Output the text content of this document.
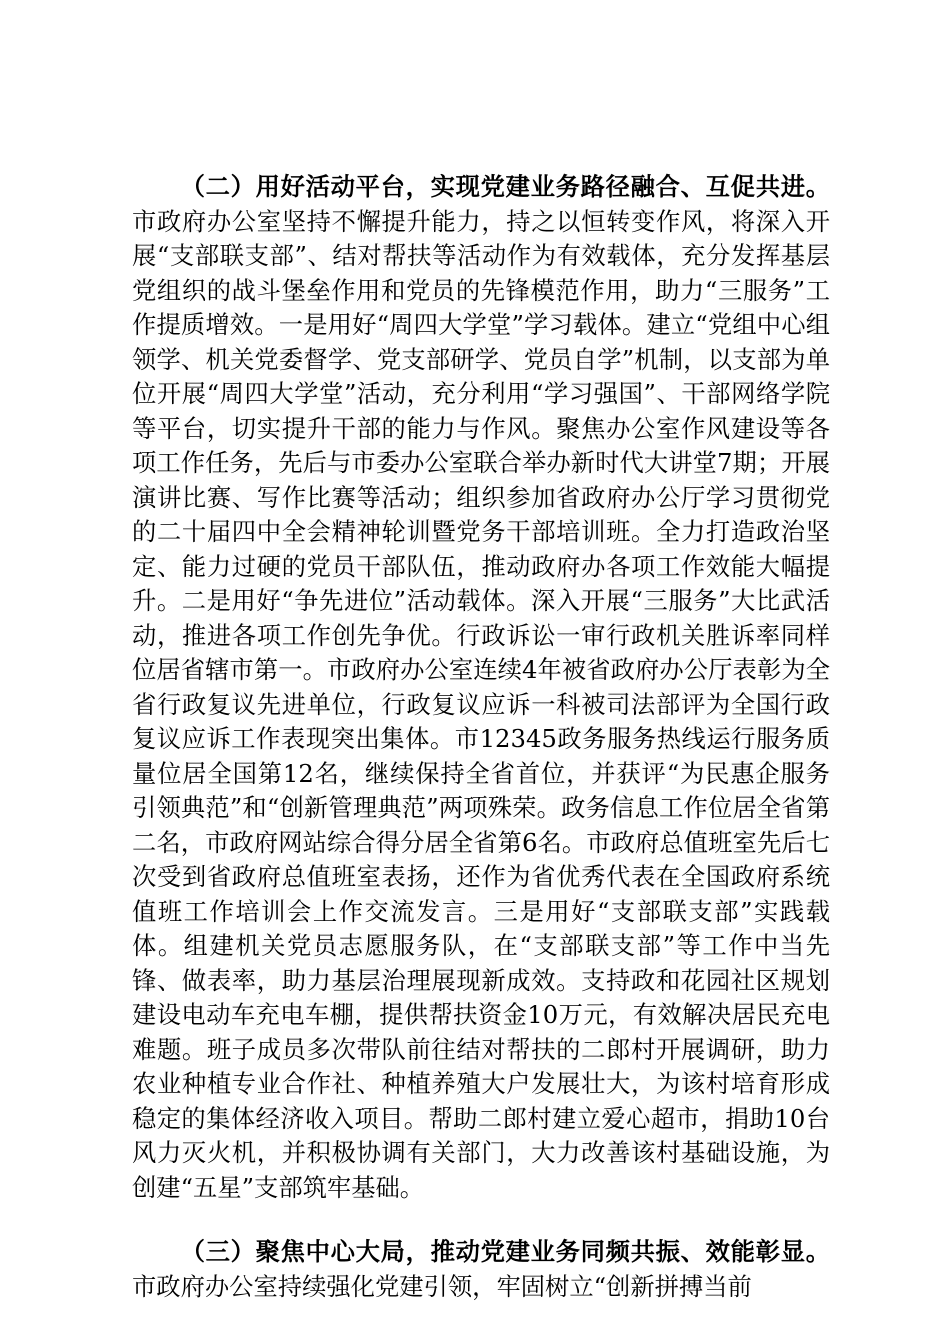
（二）用好活动平台，实现党建业务路径融合、互促共进。市政府办公室坚持不懈提升能力，持之以恒转变作风，将深入开展“支部联支部”、结对帮扶等活动作为有效载体，充分发挥基层党组织的战斗堡垒作用和党员的先锋模范作用，助力“三服务”工作提质增效。一是用好“周四大学堂”学习载体。建立“党组中心组领学、机关党委督学、党支部研学、党员自学”机制，以支部为单位开展“周四大学堂”活动，充分利用“学习强国”、干部网络学院等平台，切实提升干部的能力与作风。聚焦办公室作风建设等各项工作任务，先后与市委办公室联合举办新时代大讲堂7期；开展演讲比赛、写作比赛等活动；组织参加省政府办公厅学习贯彻党的二十届四中全会精神轮训暨党务干部培训班。全力打造政治坚定、能力过硬的党员干部队伍，推动政府办各项工作效能大幅提升。二是用好“争先进位”活动载体。深入开展“三服务”大比武活动，推进各项工作创先争优。行政诉讼一审行政机关胜诉率同样位居省辖市第一。市政府办公室连续4年被省政府办公厅表彰为全省行政复议先进单位，行政复议应诉一科被司法部评为全国行政复议应诉工作表现突出集体。市12345政务服务热线运行服务质量位居全国第12名，继续保持全省首位，并获评“为民惠企服务引领典范”和“创新管理典范”两项殊荣。政务信息工作位居全省第二名，市政府网站综合得分居全省第6名。市政府总值班室先后七次受到省政府总值班室表扬，还作为省优秀代表在全国政府系统值班工作培训会上作交流发言。三是用好“支部联支部”实践载体。组建机关党员志愿服务队，在“支部联支部”等工作中当先锋、做表率，助力基层治理展现新成效。支持政和花园社区规划建设电动车充电车棚，提供帮扶资金10万元，有效解决居民充电难题。班子成员多次带队前往结对帮扶的二郎村开展调研，助力农业种植专业合作社、种植养殖大户发展壮大，为该村培育形成稳定的集体经济收入项目。帮助二郎村建立爱心超市，捐助10台风力灭火机，并积极协调有关部门，大力改善该村基础设施，为创建“五星”支部筑牢基础。

（三）聚焦中心大局，推动党建业务同频共振、效能彰显。市政府办公室持续强化党建引领，牢固树立“创新拼搏当前
